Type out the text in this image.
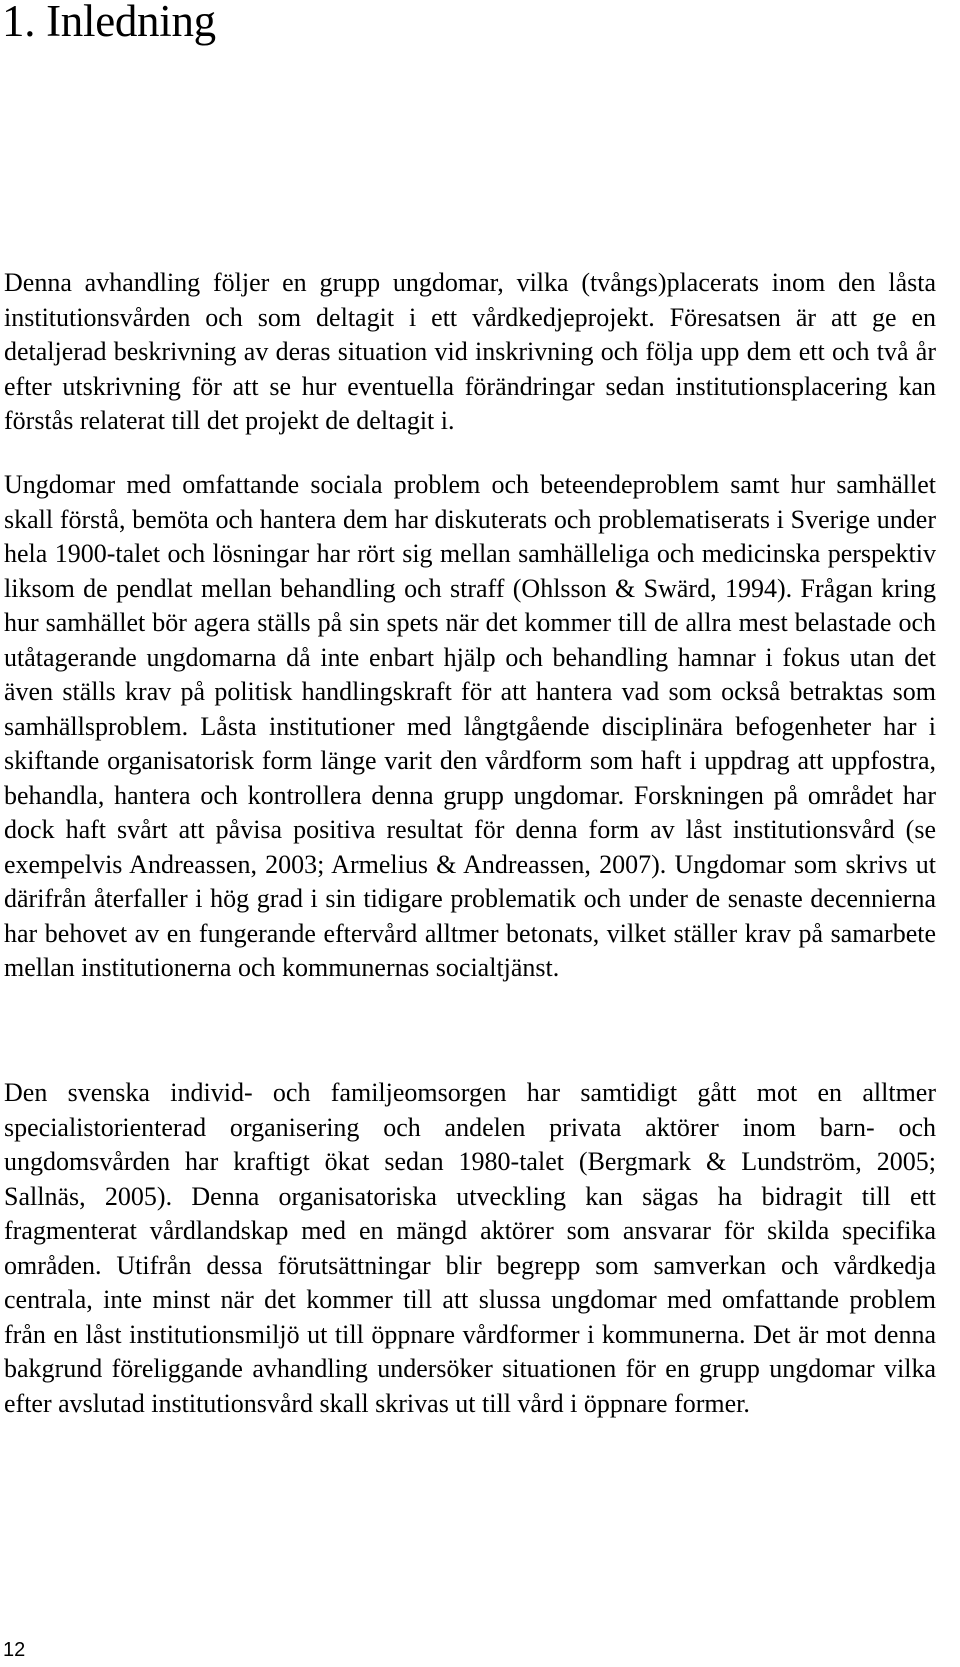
1. Inledning

Denna avhandling följer en grupp ungdomar, vilka (tvångs)placerats inom den låsta institutionsvården och som deltagit i ett vårdkedjeprojekt. Föresatsen är att ge en detaljerad beskrivning av deras situation vid inskrivning och följa upp dem ett och två år efter utskrivning för att se hur eventuella förändringar sedan institutionsplacering kan förstås relaterat till det projekt de deltagit i.

Ungdomar med omfattande sociala problem och beteendeproblem samt hur samhället skall förstå, bemöta och hantera dem har diskuterats och problematiserats i Sverige under hela 1900-talet och lösningar har rört sig mellan samhälleliga och medicinska perspektiv liksom de pendlat mellan behandling och straff (Ohlsson & Swärd, 1994). Frågan kring hur samhället bör agera ställs på sin spets när det kommer till de allra mest belastade och utåtagerande ungdomarna då inte enbart hjälp och behandling hamnar i fokus utan det även ställs krav på politisk handlingskraft för att hantera vad som också betraktas som samhällsproblem. Låsta institutioner med långtgående disciplinära befogenheter har i skiftande organisatorisk form länge varit den vårdform som haft i uppdrag att uppfostra, behandla, hantera och kontrollera denna grupp ungdomar. Forskningen på området har dock haft svårt att påvisa positiva resultat för denna form av låst institutionsvård (se exempelvis Andreassen, 2003; Armelius & Andreassen, 2007). Ungdomar som skrivs ut därifrån återfaller i hög grad i sin tidigare problematik och under de senaste decennierna har behovet av en fungerande eftervård alltmer betonats, vilket ställer krav på samarbete mellan institutionerna och kommunernas socialtjänst.

Den svenska individ- och familjeomsorgen har samtidigt gått mot en alltmer specialistorienterad organisering och andelen privata aktörer inom barn- och ungdomsvården har kraftigt ökat sedan 1980-talet (Bergmark & Lundström, 2005; Sallnäs, 2005). Denna organisatoriska utveckling kan sägas ha bidragit till ett fragmenterat vårdlandskap med en mängd aktörer som ansvarar för skilda specifika områden. Utifrån dessa förutsättningar blir begrepp som samverkan och vårdkedja centrala, inte minst när det kommer till att slussa ungdomar med omfattande problem från en låst institutionsmiljö ut till öppnare vårdformer i kommunerna. Det är mot denna bakgrund föreliggande avhandling undersöker situationen för en grupp ungdomar vilka efter avslutad institutionsvård skall skrivas ut till vård i öppnare former.

12
